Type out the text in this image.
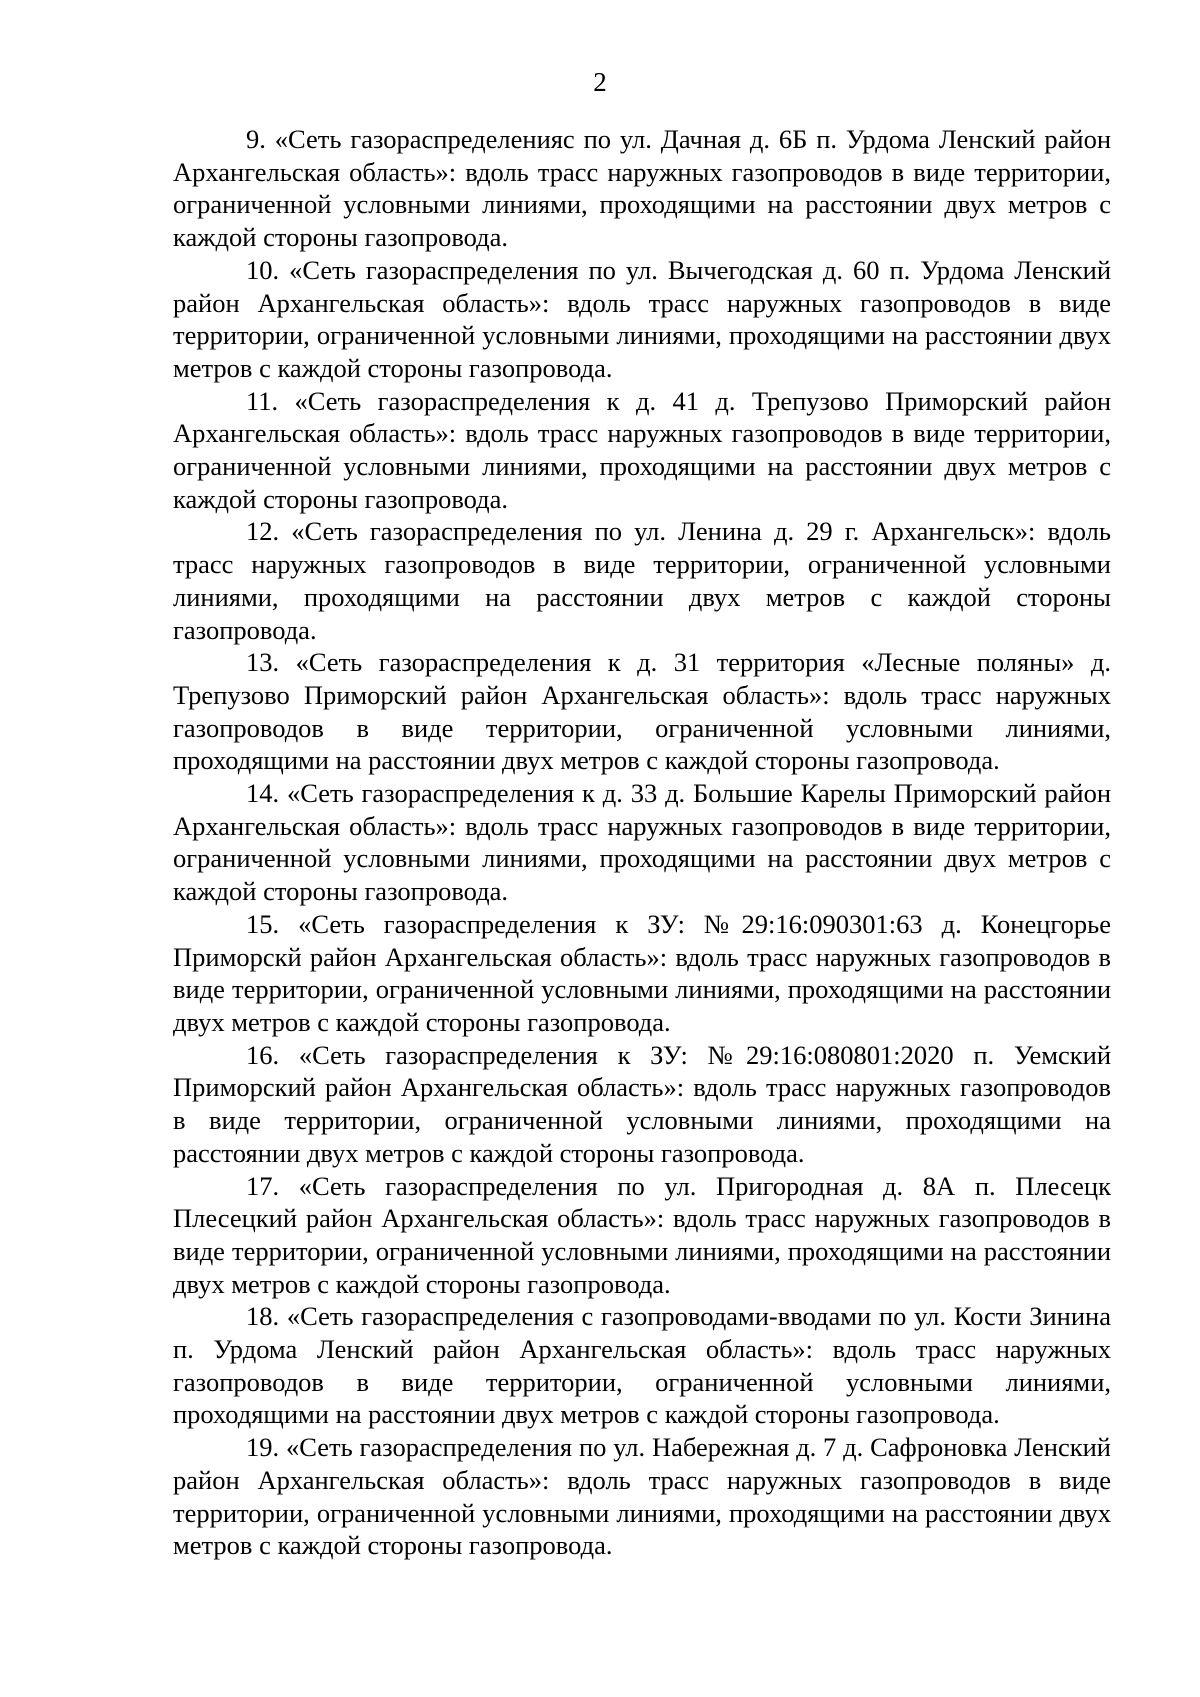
2

9. «Сеть газораспределенияс по ул. Дачная д. 6Б п. Урдома Ленский район Архангельская область»: вдоль трасс наружных газопроводов в виде территории, ограниченной условными линиями, проходящими на расстоянии двух метров с каждой стороны газопровода.

10. «Сеть газораспределения по ул. Вычегодская д. 60 п. Урдома Ленский район Архангельская область»: вдоль трасс наружных газопроводов в виде территории, ограниченной условными линиями, проходящими на расстоянии двух метров с каждой стороны газопровода.

11. «Сеть газораспределения к д. 41 д. Трепузово Приморский район Архангельская область»: вдоль трасс наружных газопроводов в виде территории, ограниченной условными линиями, проходящими на расстоянии двух метров с каждой стороны газопровода.

12. «Сеть газораспределения по ул. Ленина д. 29 г. Архангельск»: вдоль трасс наружных газопроводов в виде территории, ограниченной условными линиями, проходящими на расстоянии двух метров с каждой стороны газопровода.

13. «Сеть газораспределения к д. 31 территория «Лесные поляны» д. Трепузово Приморский район Архангельская область»: вдоль трасс наружных газопроводов в виде территории, ограниченной условными линиями, проходящими на расстоянии двух метров с каждой стороны газопровода.

14. «Сеть газораспределения к д. 33 д. Большие Карелы Приморский район Архангельская область»: вдоль трасс наружных газопроводов в виде территории, ограниченной условными линиями, проходящими на расстоянии двух метров с каждой стороны газопровода.

15. «Сеть газораспределения к ЗУ: №29:16:090301:63 д. Конецгорье Приморскй район Архангельская область»: вдоль трасс наружных газопроводов в виде территории, ограниченной условными линиями, проходящими на расстоянии двух метров с каждой стороны газопровода.

16. «Сеть газораспределения к ЗУ: №29:16:080801:2020 п. Уемский Приморский район Архангельская область»: вдоль трасс наружных газопроводов в виде территории, ограниченной условными линиями, проходящими на расстоянии двух метров с каждой стороны газопровода.

17. «Сеть газораспределения по ул. Пригородная д. 8А п. Плесецк Плесецкий район Архангельская область»: вдоль трасс наружных газопроводов в виде территории, ограниченной условными линиями, проходящими на расстоянии двух метров с каждой стороны газопровода.

18. «Сеть газораспределения с газопроводами-вводами по ул. Кости Зинина п. Урдома Ленский район Архангельская область»: вдоль трасс наружных газопроводов в виде территории, ограниченной условными линиями, проходящими на расстоянии двух метров с каждой стороны газопровода.

19. «Сеть газораспределения по ул. Набережная д. 7 д. Сафроновка Ленский район Архангельская область»: вдоль трасс наружных газопроводов в виде территории, ограниченной условными линиями, проходящими на расстоянии двух метров с каждой стороны газопровода.
